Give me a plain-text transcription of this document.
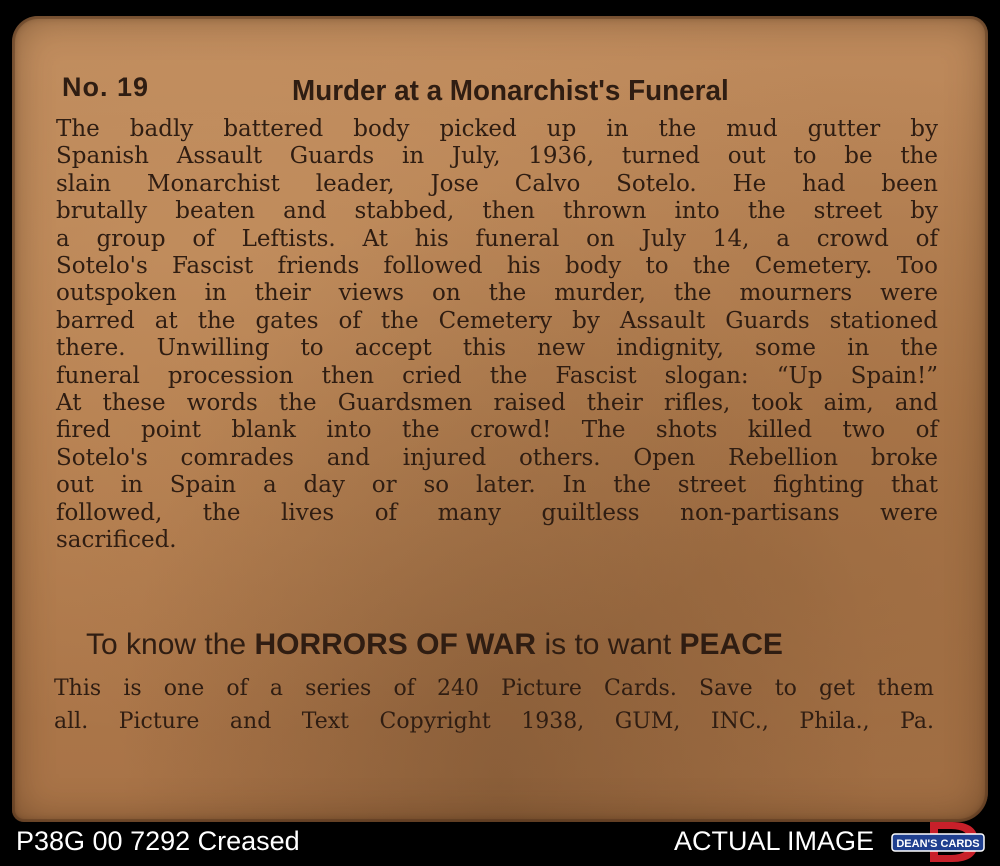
No. 19	Murder at a Monarchist's Funeral
The badly battered body picked up in the mud gutter by
Spanish Assault Guards in July, 1936, turned out to be the
slain Monarchist leader, Jose Calvo Sotelo. He had been
brutally beaten and stabbed, then thrown into the street by
a group of Leftists. At his funeral on July 14, a crowd of
Sotelo's Fascist friends followed his body to the Cemetery. Too
outspoken in their views on the murder, the mourners were
barred at the gates of the Cemetery by Assault Guards stationed
there. Unwilling to accept this new indignity, some in the
funeral procession then cried the Fascist slogan: “Up Spain!”
At these words the Guardsmen raised their rifles, took aim, and
fired point blank into the crowd! The shots killed two of
Sotelo's comrades and injured others. Open Rebellion broke
out in Spain a day or so later. In the street fighting that
followed, the lives of many guiltless non-partisans were
sacrificed.
To know the HORRORS OF WAR is to want PEACE
This is one of a series of 240 Picture Cards. Save to get them
all. Picture and Text Copyright 1938, GUM, INC., Phila., Pa.
P38G 00 7292 Creased	ACTUAL IMAGE DEAN'S CARDS
